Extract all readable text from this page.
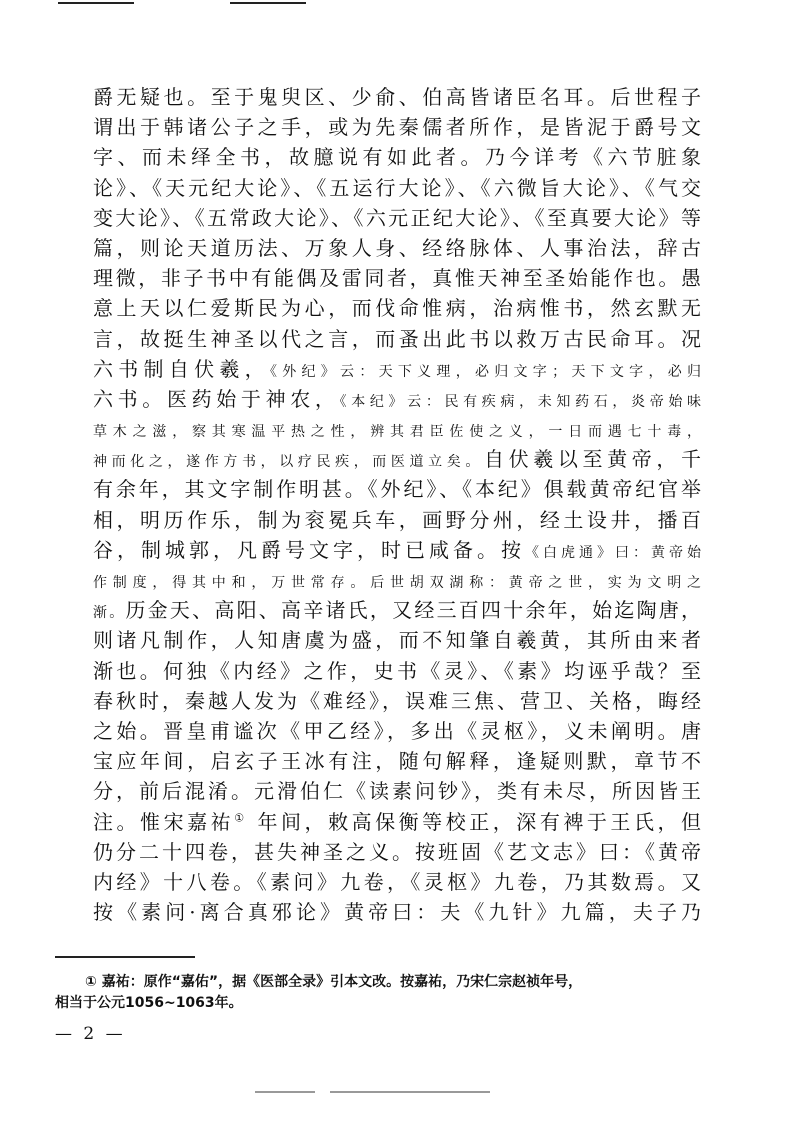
爵无疑也。至于鬼臾区、少俞、伯高皆诸臣名耳。后世程子
谓出于韩诸公子之手，或为先秦儒者所作，是皆泥于爵号文
字、而未绎全书，故臆说有如此者。乃今详考《六节脏象
论》、《天元纪大论》、《五运行大论》、《六微旨大论》、《气交
变大论》、《五常政大论》、《六元正纪大论》、《至真要大论》等
篇，则论天道历法、万象人身、经络脉体、人事治法，辞古
理微，非子书中有能偶及雷同者，真惟天神至圣始能作也。愚
意上天以仁爱斯民为心，而伐命惟病，治病惟书，然玄默无
言，故挺生神圣以代之言，而蚤出此书以救万古民命耳。况
六书制自伏羲，《外纪》云：天下义理，必归文字；天下文字，必归
六书。医药始于神农，《本纪》云：民有疾病，未知药石，炎帝始味
草木之滋，察其寒温平热之性，辨其君臣佐使之义，一日而遇七十毒，
神而化之，遂作方书，以疗民疾，而医道立矣。自伏羲以至黄帝，千
有余年，其文字制作明甚。《外纪》、《本纪》俱载黄帝纪官举
相，明历作乐，制为衮冕兵车，画野分州，经土设井，播百
谷，制城郭，凡爵号文字，时已咸备。按《白虎通》曰：黄帝始
作制度，得其中和，万世常存。后世胡双湖称：黄帝之世，实为文明之
渐。历金天、高阳、高辛诸氏，又经三百四十余年，始迄陶唐，
则诸凡制作，人知唐虞为盛，而不知肇自羲黄，其所由来者
渐也。何独《内经》之作，史书《灵》、《素》均诬乎哉？至
春秋时，秦越人发为《难经》，误难三焦、营卫、关格，晦经
之始。晋皇甫谧次《甲乙经》，多出《灵枢》，义未阐明。唐
宝应年间，启玄子王冰有注，随句解释，逢疑则默，章节不
分，前后混淆。元滑伯仁《读素问钞》，类有未尽，所因皆王
注。惟宋嘉祐① 年间，敕高保衡等校正，深有裨于王氏，但
仍分二十四卷，甚失神圣之义。按班固《艺文志》曰：《黄帝
内经》十八卷。《素问》九卷，《灵枢》九卷，乃其数焉。又
按《素问·离合真邪论》黄帝曰：夫《九针》九篇，夫子乃
① 嘉祐：原作“嘉佑”，据《医部全录》引本文改。按嘉祐，乃宋仁宗赵祯年号，
相当于公元1056~1063年。
— 2 —
